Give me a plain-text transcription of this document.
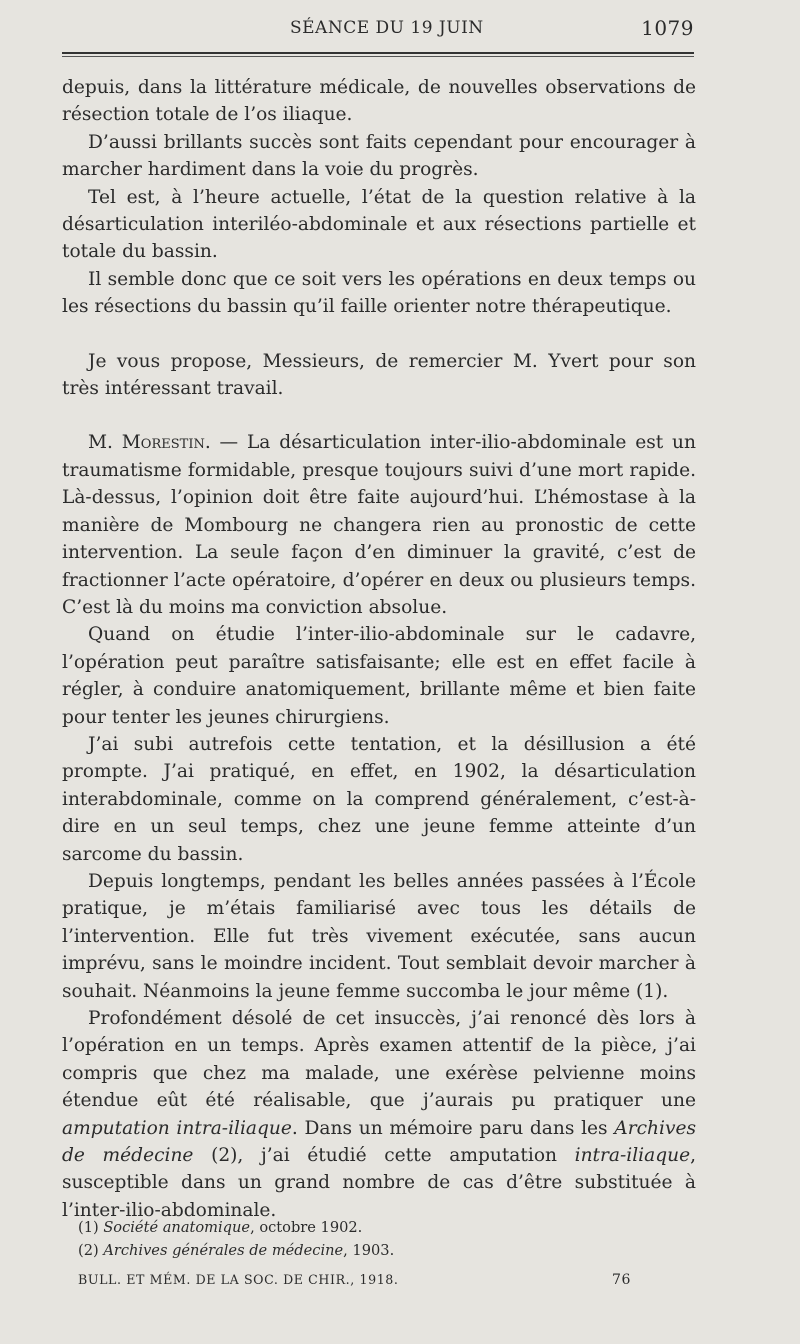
SÉANCE DU 19 JUIN	1079

depuis, dans la littérature médicale, de nouvelles observations de résection totale de l’os iliaque.

D’aussi brillants succès sont faits cependant pour encourager à marcher hardiment dans la voie du progrès.

Tel est, à l’heure actuelle, l’état de la question relative à la désarticulation interiléo-abdominale et aux résections partielle et totale du bassin.

Il semble donc que ce soit vers les opérations en deux temps ou les résections du bassin qu’il faille orienter notre thérapeutique.

Je vous propose, Messieurs, de remercier M. Yvert pour son très intéressant travail.

M. Morestin. — La désarticulation inter-ilio-abdominale est un traumatisme formidable, presque toujours suivi d’une mort rapide. Là-dessus, l’opinion doit être faite aujourd’hui. L’hémostase à la manière de Mombourg ne changera rien au pronostic de cette intervention. La seule façon d’en diminuer la gravité, c’est de fractionner l’acte opératoire, d’opérer en deux ou plusieurs temps. C’est là du moins ma conviction absolue.

Quand on étudie l’inter-ilio-abdominale sur le cadavre, l’opération peut paraître satisfaisante; elle est en effet facile à régler, à conduire anatomiquement, brillante même et bien faite pour tenter les jeunes chirurgiens.

J’ai subi autrefois cette tentation, et la désillusion a été prompte. J’ai pratiqué, en effet, en 1902, la désarticulation interabdominale, comme on la comprend généralement, c’est-à-dire en un seul temps, chez une jeune femme atteinte d’un sarcome du bassin.

Depuis longtemps, pendant les belles années passées à l’École pratique, je m’étais familiarisé avec tous les détails de l’intervention. Elle fut très vivement exécutée, sans aucun imprévu, sans le moindre incident. Tout semblait devoir marcher à souhait. Néanmoins la jeune femme succomba le jour même (1).

Profondément désolé de cet insuccès, j’ai renoncé dès lors à l’opération en un temps. Après examen attentif de la pièce, j’ai compris que chez ma malade, une exérèse pelvienne moins étendue eût été réalisable, que j’aurais pu pratiquer une amputation intra-iliaque. Dans un mémoire paru dans les Archives de médecine (2), j’ai étudié cette amputation intra-iliaque, susceptible dans un grand nombre de cas d’être substituée à l’inter-ilio-abdominale.

(1) Société anatomique, octobre 1902.

(2) Archives générales de médecine, 1903.

BULL. ET MÉM. DE LA SOC. DE CHIR., 1918.	76
